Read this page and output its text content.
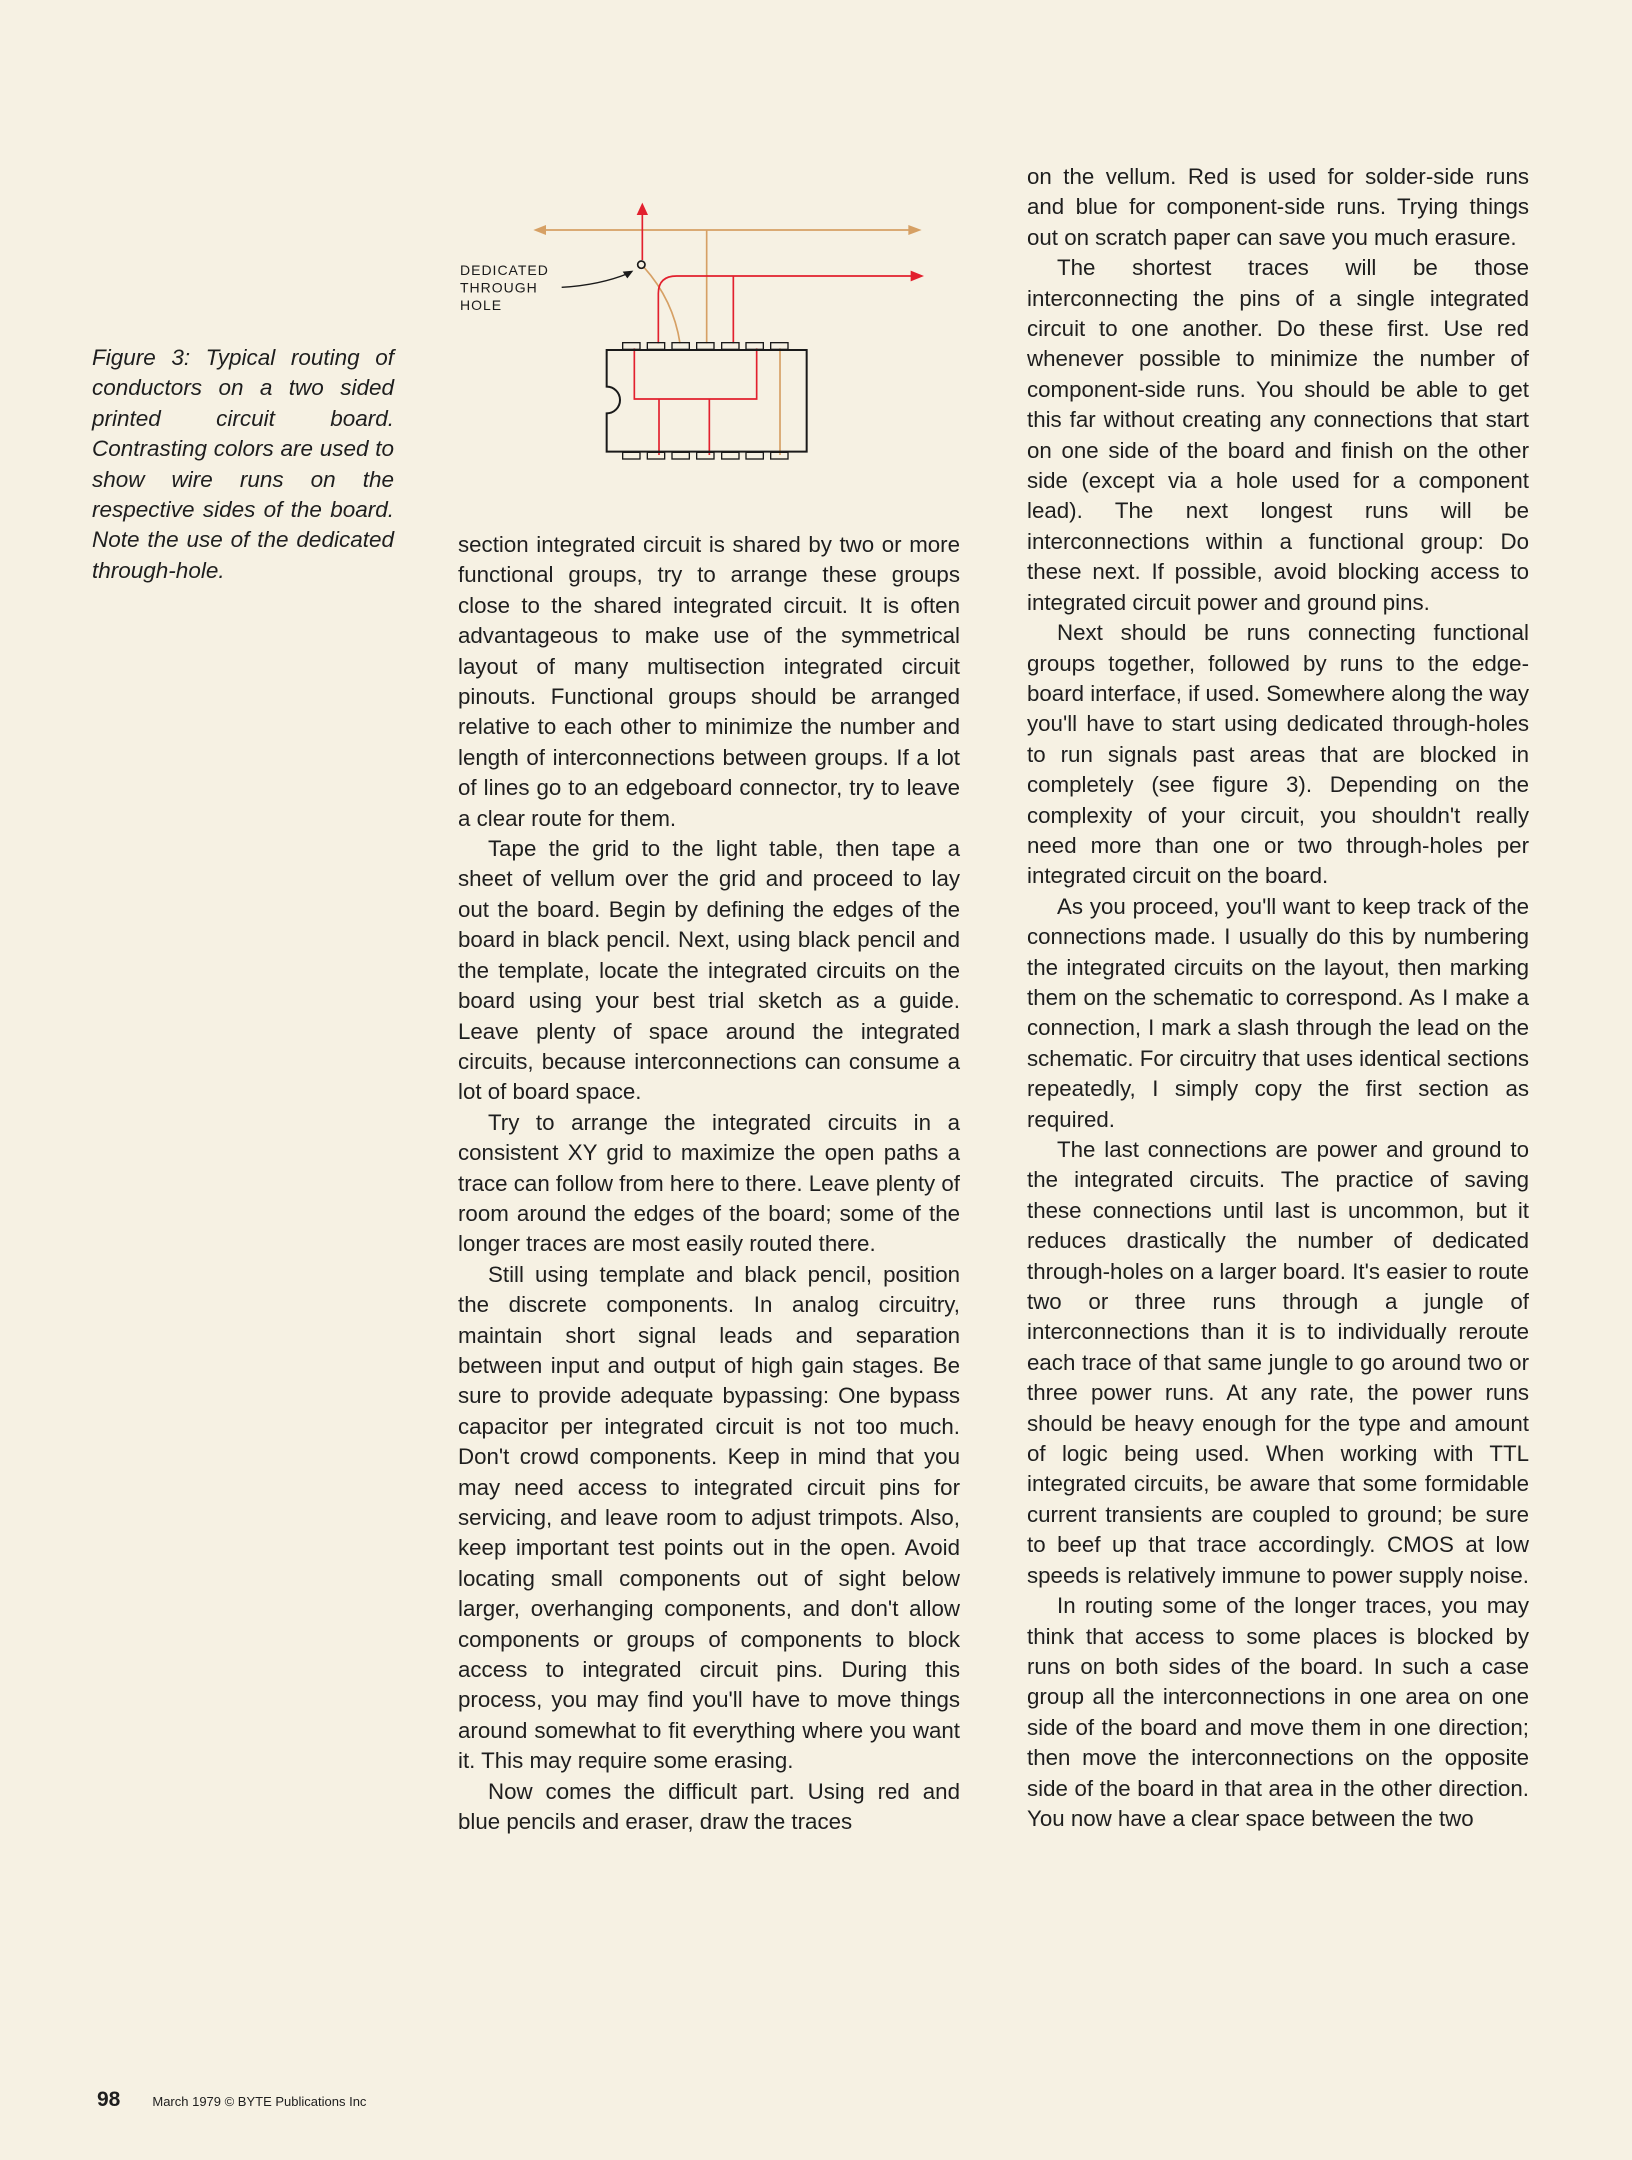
DEDICATED
THROUGH
HOLE
Figure 3: Typical routing of conductors on a two sided printed circuit board. Contrasting colors are used to show wire runs on the respective sides of the board. Note the use of the dedicated through-hole.

section integrated circuit is shared by two or more functional groups, try to arrange these groups close to the shared integrated circuit. It is often advantageous to make use of the symmetrical layout of many multisection integrated circuit pinouts. Functional groups should be arranged relative to each other to minimize the number and length of interconnections between groups. If a lot of lines go to an edgeboard connector, try to leave a clear route for them.

Tape the grid to the light table, then tape a sheet of vellum over the grid and proceed to lay out the board. Begin by defining the edges of the board in black pencil. Next, using black pencil and the template, locate the integrated circuits on the board using your best trial sketch as a guide. Leave plenty of space around the integrated circuits, because interconnections can consume a lot of board space.

Try to arrange the integrated circuits in a consistent XY grid to maximize the open paths a trace can follow from here to there. Leave plenty of room around the edges of the board; some of the longer traces are most easily routed there.

Still using template and black pencil, position the discrete components. In analog circuitry, maintain short signal leads and separation between input and output of high gain stages. Be sure to provide adequate bypassing: One bypass capacitor per integrated circuit is not too much. Don't crowd components. Keep in mind that you may need access to integrated circuit pins for servicing, and leave room to adjust trimpots. Also, keep important test points out in the open. Avoid locating small components out of sight below larger, overhanging components, and don't allow components or groups of components to block access to integrated circuit pins. During this process, you may find you'll have to move things around somewhat to fit everything where you want it. This may require some erasing.

Now comes the difficult part. Using red and blue pencils and eraser, draw the traces

on the vellum. Red is used for solder-side runs and blue for component-side runs. Trying things out on scratch paper can save you much erasure.

The shortest traces will be those interconnecting the pins of a single integrated circuit to one another. Do these first. Use red whenever possible to minimize the number of component-side runs. You should be able to get this far without creating any connections that start on one side of the board and finish on the other side (except via a hole used for a component lead). The next longest runs will be interconnections within a functional group: Do these next. If possible, avoid blocking access to integrated circuit power and ground pins.

Next should be runs connecting functional groups together, followed by runs to the edge-board interface, if used. Somewhere along the way you'll have to start using dedicated through-holes to run signals past areas that are blocked in completely (see figure 3). Depending on the complexity of your circuit, you shouldn't really need more than one or two through-holes per integrated circuit on the board.

As you proceed, you'll want to keep track of the connections made. I usually do this by numbering the integrated circuits on the layout, then marking them on the schematic to correspond. As I make a connection, I mark a slash through the lead on the schematic. For circuitry that uses identical sections repeatedly, I simply copy the first section as required.

The last connections are power and ground to the integrated circuits. The practice of saving these connections until last is uncommon, but it reduces drastically the number of dedicated through-holes on a larger board. It's easier to route two or three runs through a jungle of interconnections than it is to individually reroute each trace of that same jungle to go around two or three power runs. At any rate, the power runs should be heavy enough for the type and amount of logic being used. When working with TTL integrated circuits, be aware that some formidable current transients are coupled to ground; be sure to beef up that trace accordingly. CMOS at low speeds is relatively immune to power supply noise.

In routing some of the longer traces, you may think that access to some places is blocked by runs on both sides of the board. In such a case group all the interconnections in one area on one side of the board and move them in one direction; then move the interconnections on the opposite side of the board in that area in the other direction. You now have a clear space between the two

98 March 1979 © BYTE Publications Inc
